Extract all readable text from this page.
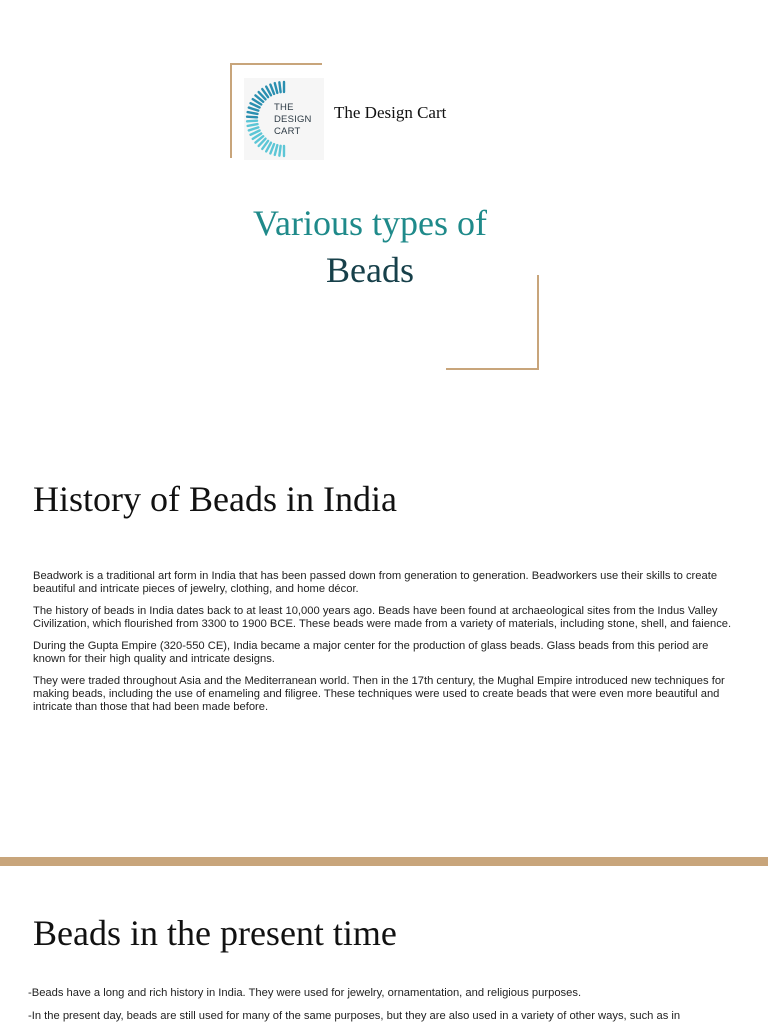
THE
DESIGN
CART
The Design Cart
Various types of
Beads
History of Beads in India

Beadwork is a traditional art form in India that has been passed down from generation to generation. Beadworkers use their skills to create beautiful and intricate pieces of jewelry, clothing, and home décor.

The history of beads in India dates back to at least 10,000 years ago. Beads have been found at archaeological sites from the Indus Valley Civilization, which flourished from 3300 to 1900 BCE. These beads were made from a variety of materials, including stone, shell, and faience.

During the Gupta Empire (320-550 CE), India became a major center for the production of glass beads. Glass beads from this period are known for their high quality and intricate designs.

They were traded throughout Asia and the Mediterranean world. Then in the 17th century, the Mughal Empire introduced new techniques for making beads, including the use of enameling and filigree. These techniques were used to create beads that were even more beautiful and intricate than those that had been made before.

Beads in the present time

-Beads have a long and rich history in India. They were used for jewelry, ornamentation, and religious purposes.

-In the present day, beads are still used for many of the same purposes, but they are also used in a variety of other ways, such as in
